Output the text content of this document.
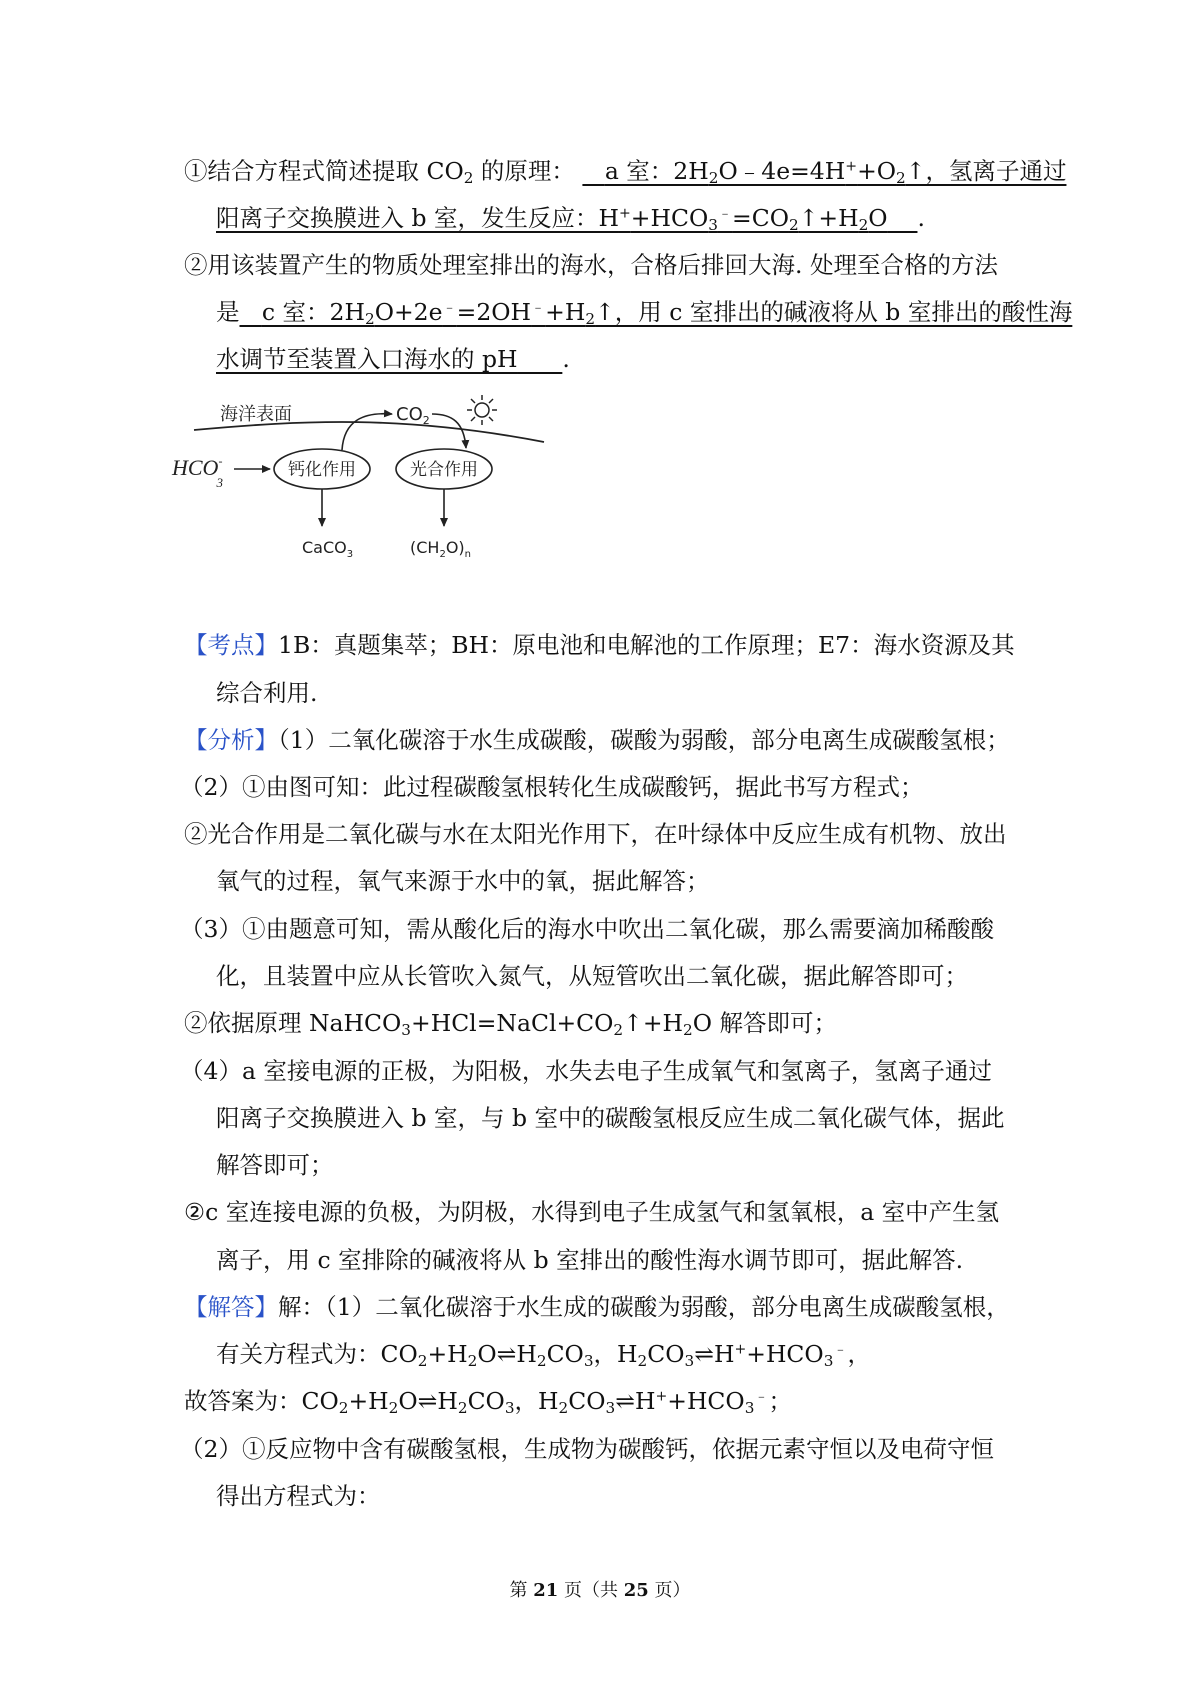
①结合方程式简述提取 $CO_2$ 的原理： a 室：$2H_2O﹣4e=4H^++O_2↑$，氢离子通过
阳离子交换膜进入 b 室，发生反应：$H^++HCO_3^﹣=CO_2↑+H_2O$ .
②用该装置产生的物质处理室排出的海水，合格后排回大海. 处理至合格的方法
是 c 室：$2H_2O+2e^﹣=2OH^﹣+H_2↑$，用 c 室排出的碱液将从 b 室排出的酸性海
水调节至装置入口海水的 pH .
海洋表面	$CO_2$
HCO-3
钙化作用	光合作用
CaCO$_3$	$(CH_2O)_n$
【考点】1B：真题集萃；BH：原电池和电解池的工作原理；E7：海水资源及其
综合利用.
【分析】（1）二氧化碳溶于水生成碳酸，碳酸为弱酸，部分电离生成碳酸氢根；
（2）①由图可知：此过程碳酸氢根转化生成碳酸钙，据此书写方程式；
②光合作用是二氧化碳与水在太阳光作用下，在叶绿体中反应生成有机物、放出
氧气的过程，氧气来源于水中的氧，据此解答；
（3）①由题意可知，需从酸化后的海水中吹出二氧化碳，那么需要滴加稀酸酸
化，且装置中应从长管吹入氮气，从短管吹出二氧化碳，据此解答即可；
②依据原理 $NaHCO_3+HCl=NaCl+CO_2↑+H_2O$ 解答即可；
（4）a 室接电源的正极，为阳极，水失去电子生成氧气和氢离子，氢离子通过
阳离子交换膜进入 b 室，与 b 室中的碳酸氢根反应生成二氧化碳气体，据此
解答即可；
②c 室连接电源的负极，为阴极，水得到电子生成氢气和氢氧根，a 室中产生氢
离子，用 c 室排除的碱液将从 b 室排出的酸性海水调节即可，据此解答.
【解答】解：（1）二氧化碳溶于水生成的碳酸为弱酸，部分电离生成碳酸氢根，
有关方程式为：$CO_2+H_2O\rightleftharpoons H_2CO_3$，$H_2CO_3\rightleftharpoons H^++HCO_3^﹣$，
故答案为：$CO_2+H_2O\rightleftharpoons H_2CO_3$，$H_2CO_3\rightleftharpoons H^++HCO_3^﹣$；
（2）①反应物中含有碳酸氢根，生成物为碳酸钙，依据元素守恒以及电荷守恒
得出方程式为：
第 21 页（共 25 页）
